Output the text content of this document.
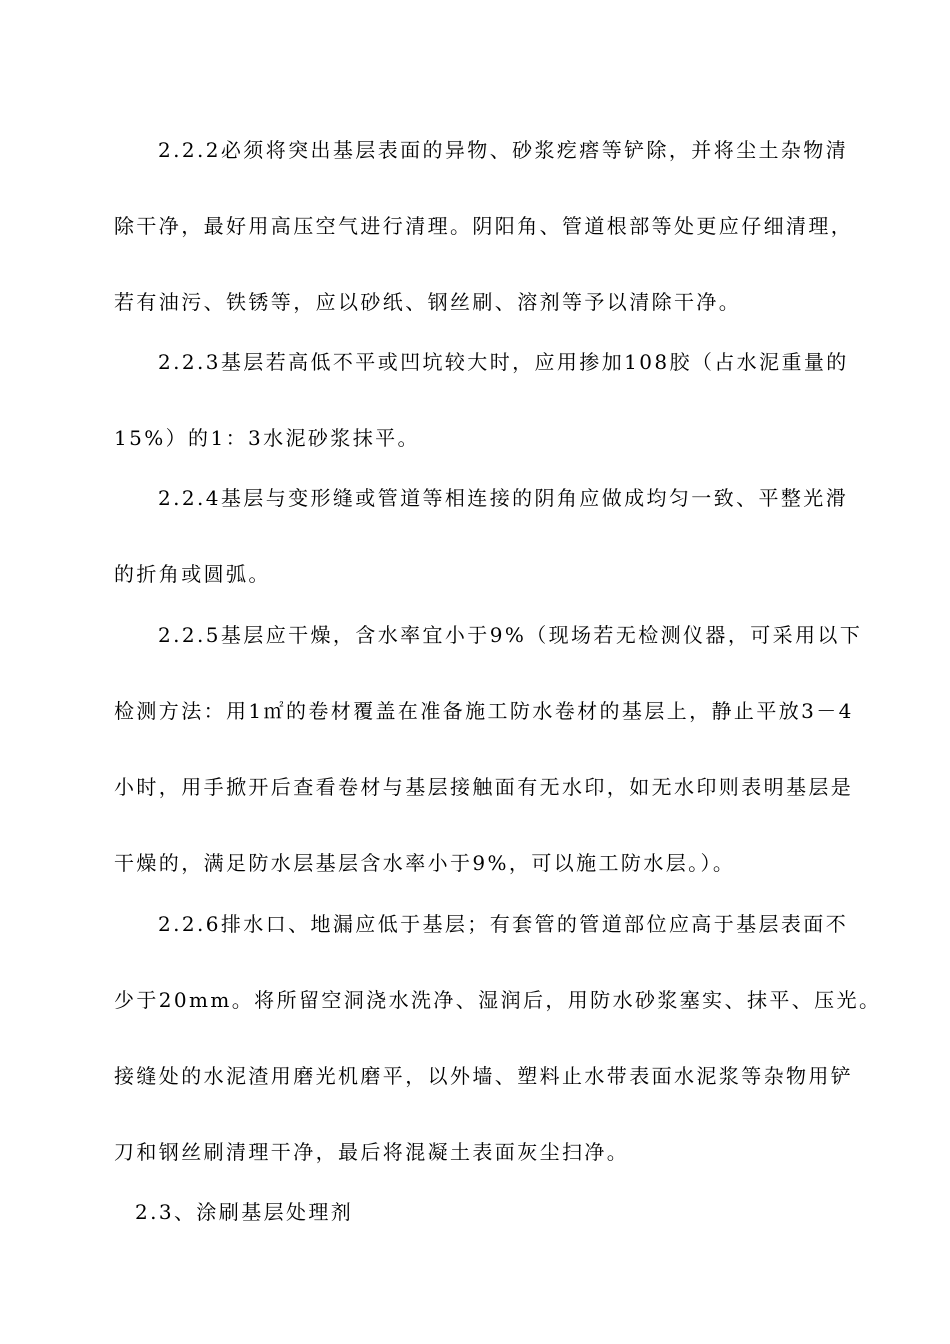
2.2.2必须将突出基层表面的异物、砂浆疙瘩等铲除，并将尘土杂物清

除干净，最好用高压空气进行清理。阴阳角、管道根部等处更应仔细清理，

若有油污、铁锈等，应以砂纸、钢丝刷、溶剂等予以清除干净。

2.2.3基层若高低不平或凹坑较大时，应用掺加108胶（占水泥重量的

15%）的1：3水泥砂浆抹平。

2.2.4基层与变形缝或管道等相连接的阴角应做成均匀一致、平整光滑

的折角或圆弧。

2.2.5基层应干燥，含水率宜小于9%（现场若无检测仪器，可采用以下

检测方法：用1㎡的卷材覆盖在准备施工防水卷材的基层上，静止平放3－4

小时，用手掀开后查看卷材与基层接触面有无水印，如无水印则表明基层是

干燥的，满足防水层基层含水率小于9%，可以施工防水层。）。

2.2.6排水口、地漏应低于基层；有套管的管道部位应高于基层表面不

少于20mm。将所留空洞浇水洗净、湿润后，用防水砂浆塞实、抹平、压光。

接缝处的水泥渣用磨光机磨平，以外墙、塑料止水带表面水泥浆等杂物用铲

刀和钢丝刷清理干净，最后将混凝土表面灰尘扫净。

2.3、涂刷基层处理剂
